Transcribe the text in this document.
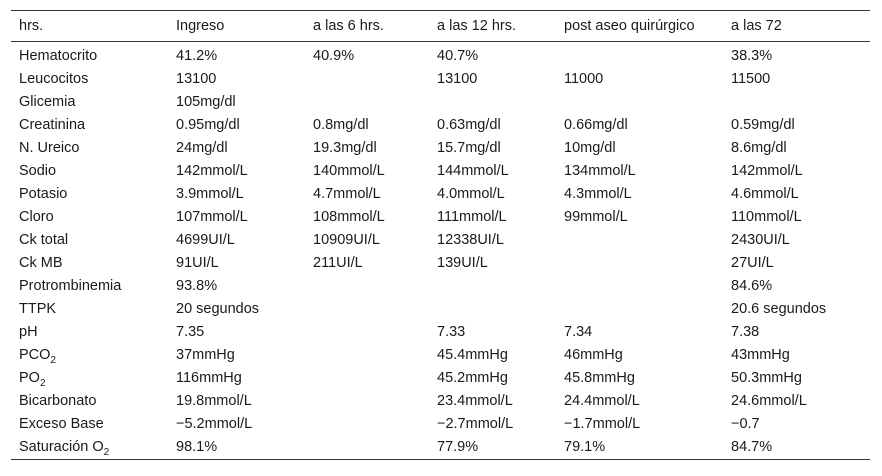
hrs.	Ingreso	a las 6 hrs.	a las 12 hrs.	post aseo quirúrgico	a las 72
Hematocrito	41.2%	40.9%	40.7%		38.3%
Leucocitos	13100		13100	11000	11500
Glicemia	105mg/dl				
Creatinina	0.95mg/dl	0.8mg/dl	0.63mg/dl	0.66mg/dl	0.59mg/dl
N. Ureico	24mg/dl	19.3mg/dl	15.7mg/dl	10mg/dl	8.6mg/dl
Sodio	142mmol/L	140mmol/L	144mmol/L	134mmol/L	142mmol/L
Potasio	3.9mmol/L	4.7mmol/L	4.0mmol/L	4.3mmol/L	4.6mmol/L
Cloro	107mmol/L	108mmol/L	111mmol/L	99mmol/L	110mmol/L
Ck total	4699UI/L	10909UI/L	12338UI/L		2430UI/L
Ck MB	91UI/L	211UI/L	139UI/L		27UI/L
Protrombinemia	93.8%				84.6%
TTPK	20 segundos				20.6 segundos
pH	7.35		7.33	7.34	7.38
$PCO_2$	37mmHg		45.4mmHg	46mmHg	43mmHg
$PO_2$	116mmHg		45.2mmHg	45.8mmHg	50.3mmHg
Bicarbonato	19.8mmol/L		23.4mmol/L	24.4mmol/L	24.6mmol/L
Exceso Base	−5.2mmol/L		−2.7mmol/L	−1.7mmol/L	−0.7
Saturación $O_2$	98.1%		77.9%	79.1%	84.7%
